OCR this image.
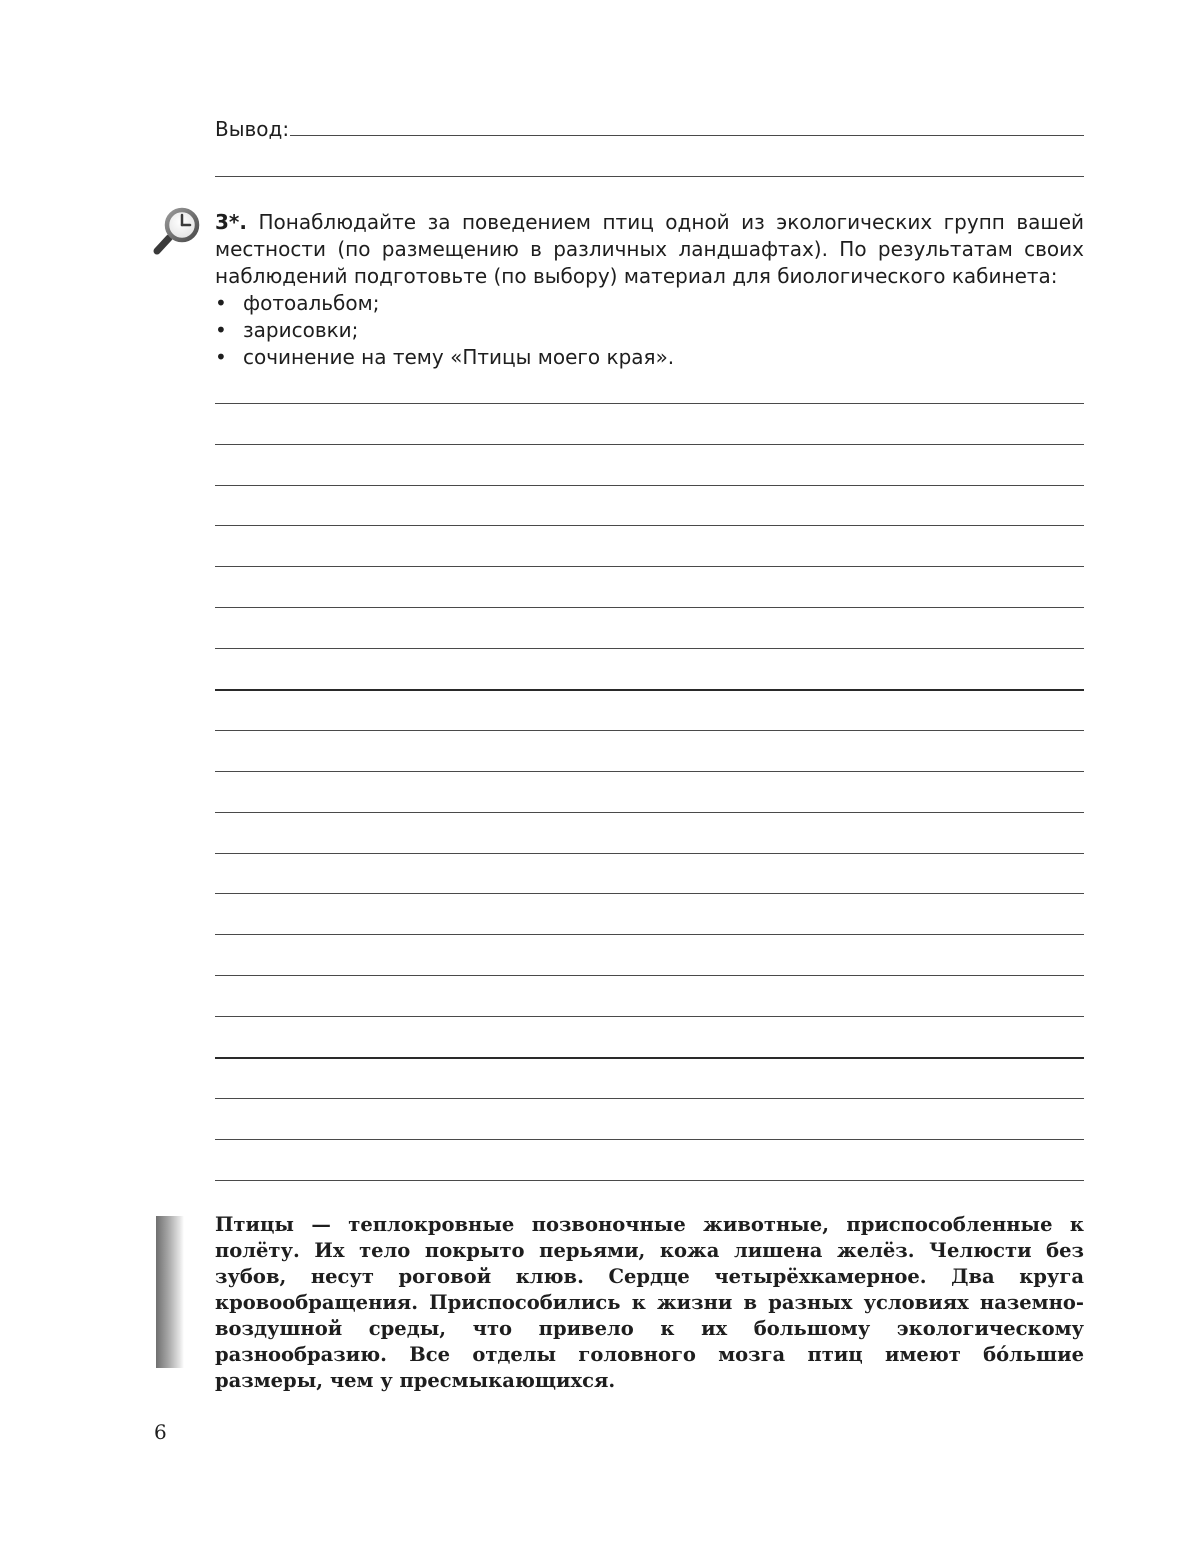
Вывод:

3*. Понаблюдайте за поведением птиц одной из экологических групп вашей местности (по размещению в различных ландшафтах). По результатам своих наблюдений подготовьте (по выбору) материал для биологического кабинета:

• фотоальбом;
• зарисовки;
• сочинение на тему «Птицы моего края».

Птицы — теплокровные позвоночные животные, приспособленные к полёту. Их тело покрыто перьями, кожа лишена желёз. Челюсти без зубов, несут роговой клюв. Сердце четырёхкамерное. Два круга кровообращения. Приспособились к жизни в разных условиях наземно-воздушной среды, что привело к их большому экологическому разнообразию. Все отделы головного мозга птиц имеют бóльшие размеры, чем у пресмыкающихся.

6
